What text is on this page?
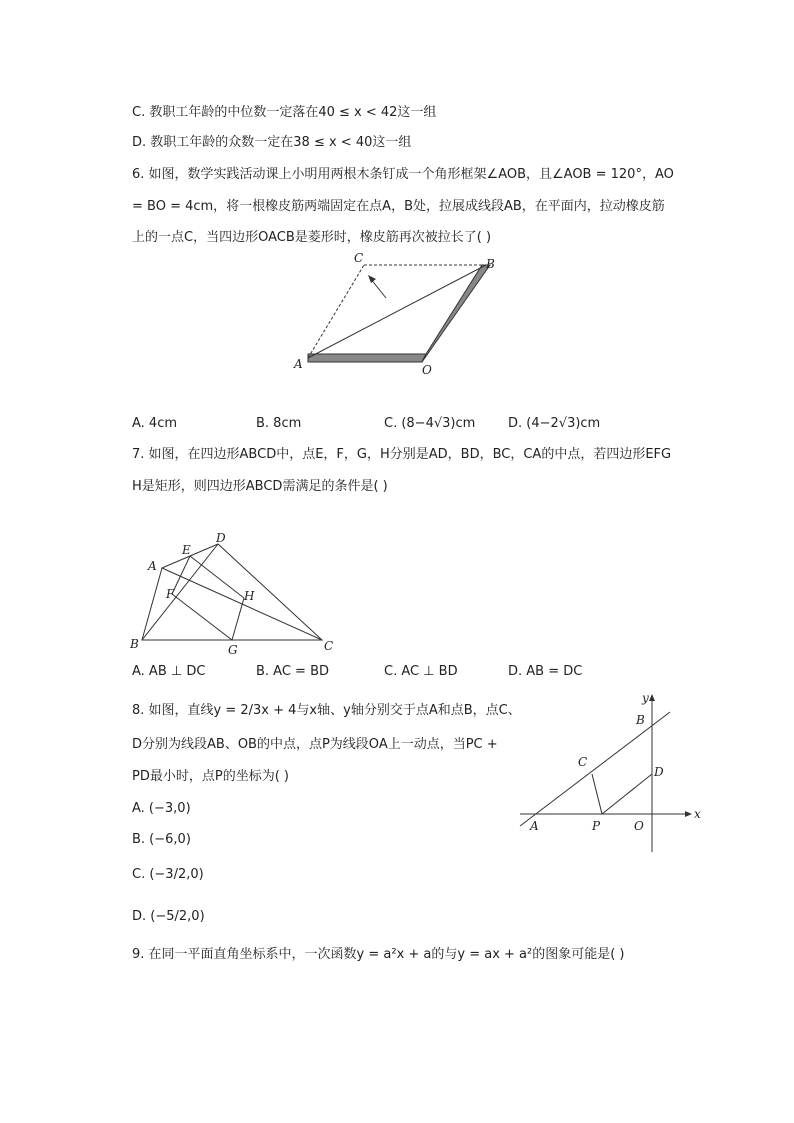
C. 教职工年龄的中位数一定落在40 ≤ x < 42这一组
D. 教职工年龄的众数一定在38 ≤ x < 40这一组
6. 如图，数学实践活动课上小明用两根木条钉成一个角形框架∠AOB，且∠AOB = 120°，AO
= BO = 4cm，将一根橡皮筋两端固定在点A，B处，拉展成线段AB，在平面内，拉动橡皮筋
上的一点C，当四边形OACB是菱形时，橡皮筋再次被拉长了( )
A	O
C	B
A. 4cm	B. 8cm	C. (8−4√3)cm	D. (4−2√3)cm
7. 如图，在四边形ABCD中，点E，F，G，H分别是AD，BD，BC，CA的中点，若四边形EFG
H是矩形，则四边形ABCD需满足的条件是( )
A
B	C
D
E
F
G
H
A. AB ⊥ DC	B. AC = BD	C. AC ⊥ BD	D. AB = DC
8. 如图，直线y = 2/3x + 4与x轴、y轴分别交于点A和点B，点C、
D分别为线段AB、OB的中点，点P为线段OA上一动点，当PC +
PD最小时，点P的坐标为( )
A. (−3,0)
B. (−6,0)
C. (−3/2,0)
D. (−5/2,0)
x
y
A
B
C
D
P	O
9. 在同一平面直角坐标系中，一次函数y = a²x + a的与y = ax + a²的图象可能是( )
